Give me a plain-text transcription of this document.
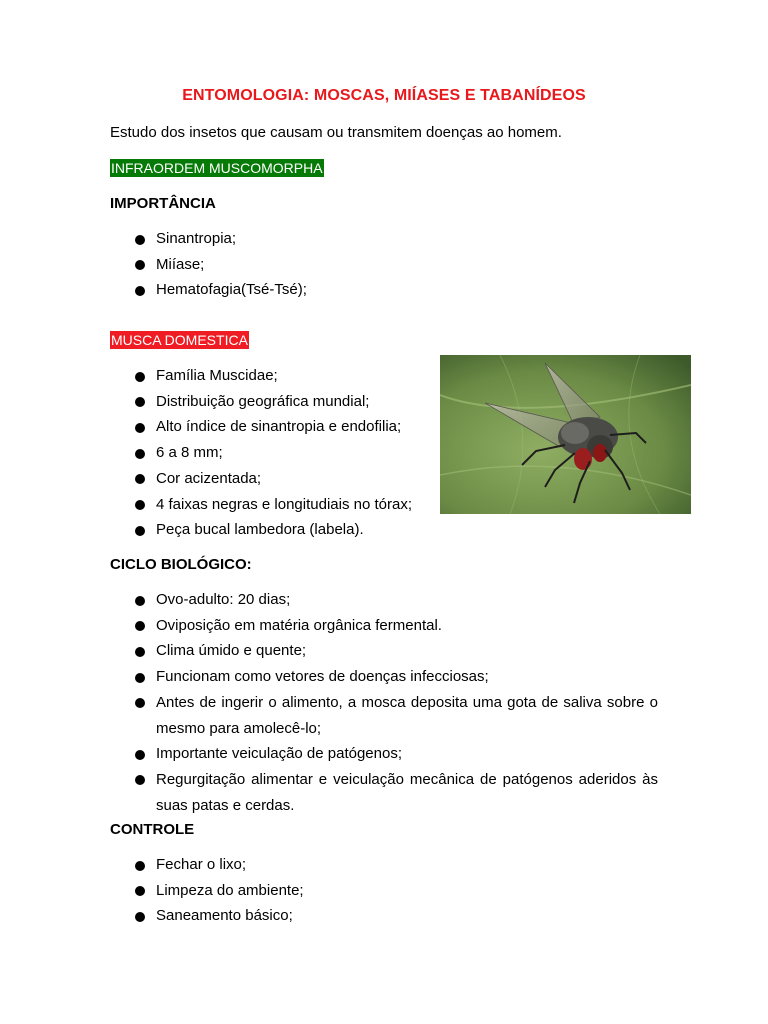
ENTOMOLOGIA: MOSCAS, MIÍASES E TABANÍDEOS
Estudo dos insetos que causam ou transmitem doenças ao homem.
INFRAORDEM MUSCOMORPHA
IMPORTÂNCIA
Sinantropia;
Miíase;
Hematofagia(Tsé-Tsé);
MUSCA DOMESTICA
Família Muscidae;
Distribuição geográfica mundial;
Alto índice de sinantropia e endofilia;
6 a 8 mm;
Cor acizentada;
4 faixas negras e longitudiais no tórax;
Peça bucal lambedora (labela).
CICLO BIOLÓGICO:
Ovo-adulto: 20 dias;
Oviposição em matéria orgânica fermental.
Clima úmido e quente;
Funcionam como vetores de doenças infecciosas;
Antes de ingerir o alimento, a mosca deposita uma gota de saliva sobre o mesmo para amolecê-lo;
Importante veiculação de patógenos;
Regurgitação alimentar e veiculação mecânica de patógenos aderidos às suas patas e cerdas.
CONTROLE
Fechar o lixo;
Limpeza do ambiente;
Saneamento básico;
